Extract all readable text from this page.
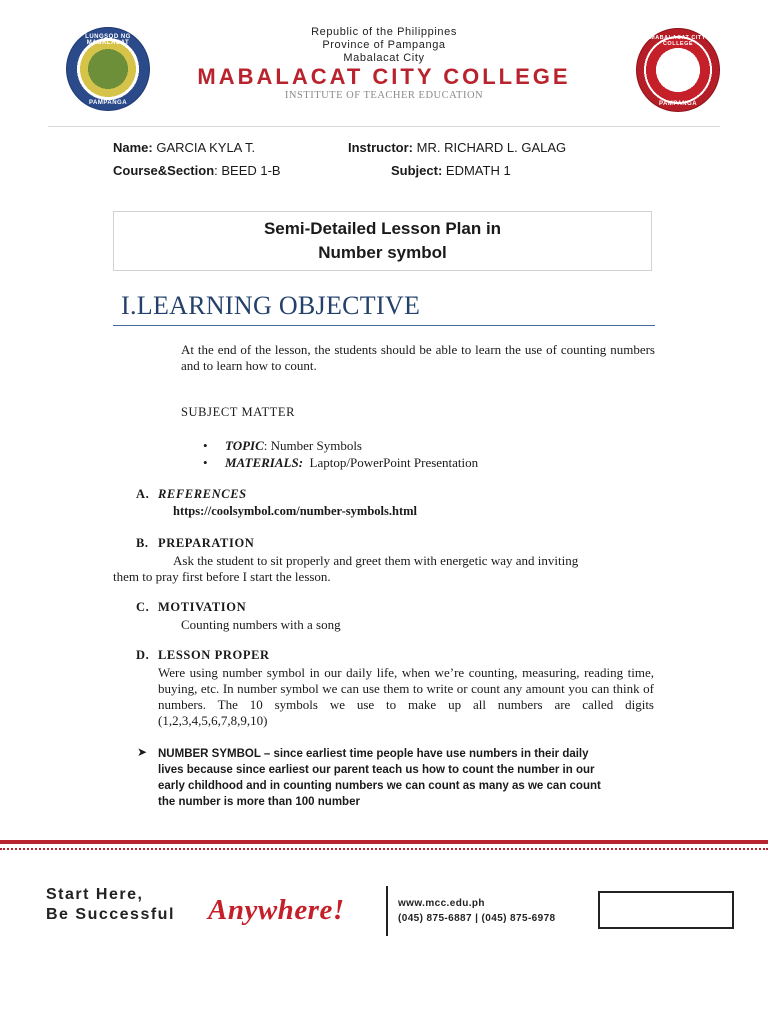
LUNGSOD NG MABALACAT
PAMPANGA
MABALACAT CITY COLLEGE
PAMPANGA
Republic of the Philippines
Province of Pampanga
Mabalacat City
MABALACAT CITY COLLEGE
INSTITUTE OF TEACHER EDUCATION
Name: GARCIA KYLA T.	Instructor: MR. RICHARD L. GALAG
Course&Section: BEED 1-B	Subject: EDMATH 1
Semi-Detailed Lesson Plan in
Number symbol
I.LEARNING OBJECTIVE
At the end of the lesson, the students should be able to learn the use of counting numbers and to learn how to count.
SUBJECT MATTER
• TOPIC: Number Symbols
• MATERIALS: Laptop/PowerPoint Presentation
A. REFERENCES
https://coolsymbol.com/number-symbols.html
B. PREPARATION
Ask the student to sit properly and greet them with energetic way and inviting
them to pray first before I start the lesson.
C. MOTIVATION
Counting numbers with a song
D. LESSON PROPER
Were using number symbol in our daily life, when we’re counting, measuring, reading time, buying, etc. In number symbol we can use them to write or count any amount you can think of numbers. The 10 symbols we use to make up all numbers are called digits (1,2,3,4,5,6,7,8,9,10)
➤ NUMBER SYMBOL – since earliest time people have use numbers in their daily
lives because since earliest our parent teach us how to count the number in our
early childhood and in counting numbers we can count as many as we can count
the number is more than 100 number
Start Here,
Be Successful Anywhere!	www.mcc.edu.ph
(045) 875-6887 | (045) 875-6978
